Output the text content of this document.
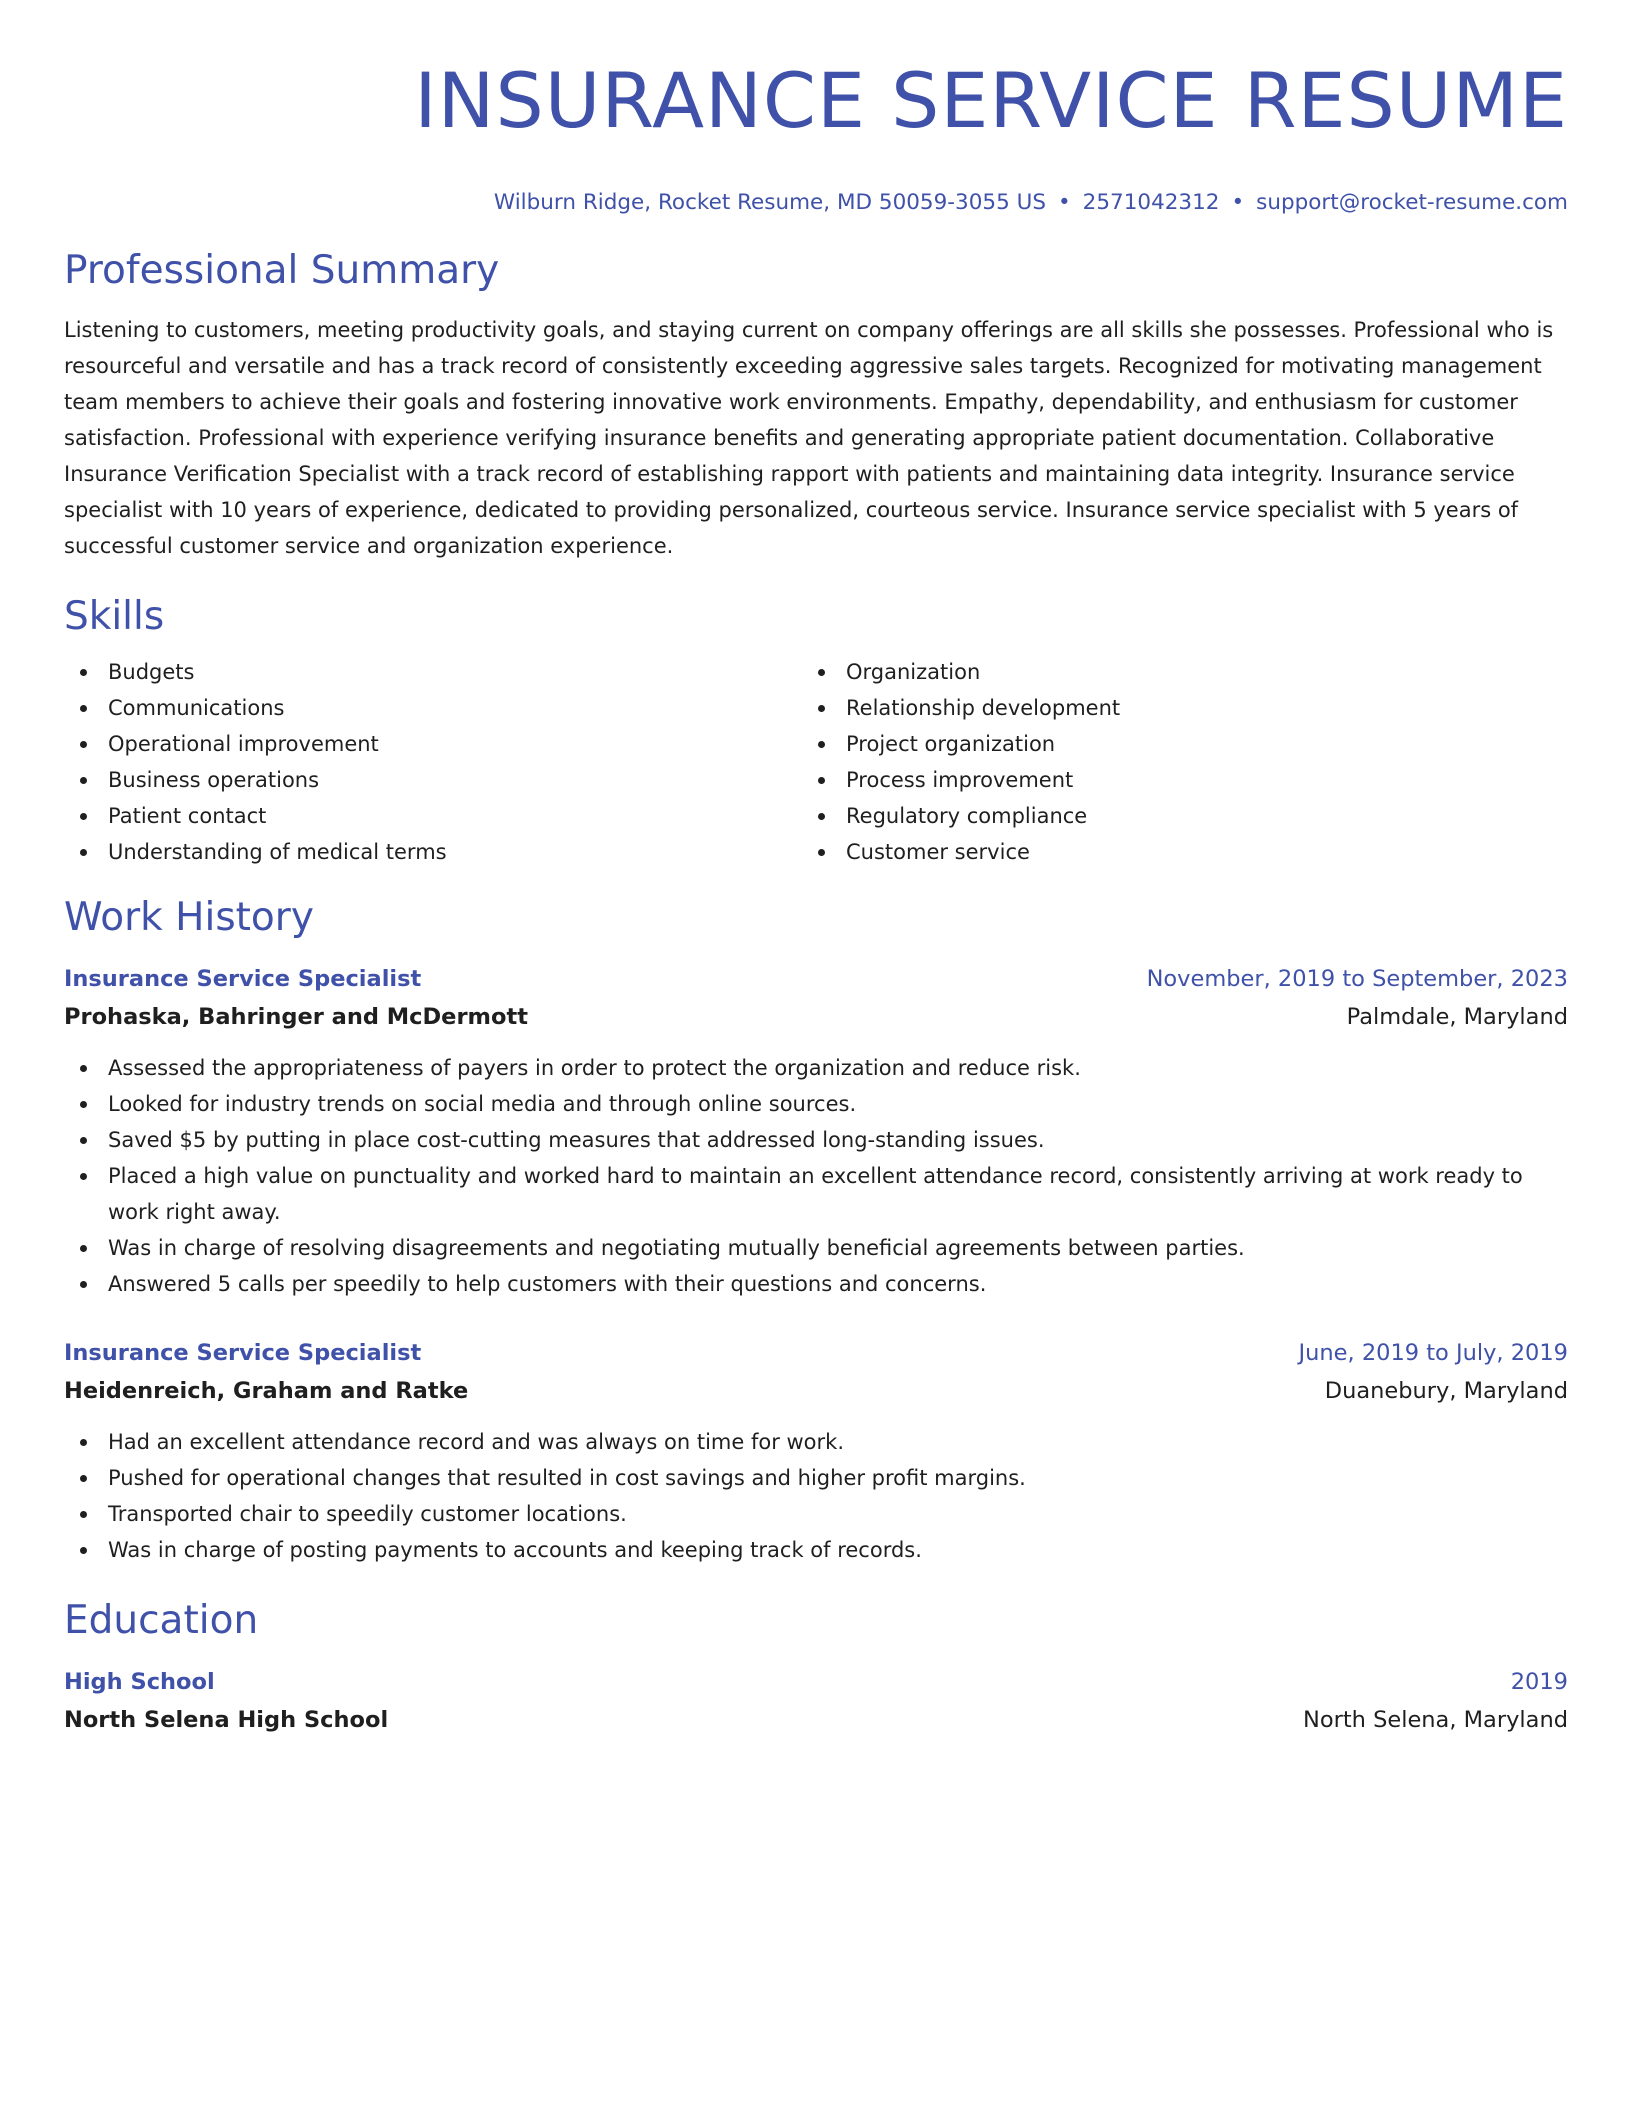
INSURANCE SERVICE RESUME
Wilburn Ridge, Rocket Resume, MD 50059-3055 US • 2571042312 • support@rocket-resume.com
Professional Summary
Listening to customers, meeting productivity goals, and staying current on company offerings are all skills she possesses. Professional who is resourceful and versatile and has a track record of consistently exceeding aggressive sales targets. Recognized for motivating management team members to achieve their goals and fostering innovative work environments. Empathy, dependability, and enthusiasm for customer satisfaction. Professional with experience verifying insurance benefits and generating appropriate patient documentation. Collaborative Insurance Verification Specialist with a track record of establishing rapport with patients and maintaining data integrity. Insurance service specialist with 10 years of experience, dedicated to providing personalized, courteous service. Insurance service specialist with 5 years of successful customer service and organization experience.
Skills
Budgets
Communications
Operational improvement
Business operations
Patient contact
Understanding of medical terms
Organization
Relationship development
Project organization
Process improvement
Regulatory compliance
Customer service
Work History
Insurance Service Specialist	November, 2019 to September, 2023
Prohaska, Bahringer and McDermott	Palmdale, Maryland
Assessed the appropriateness of payers in order to protect the organization and reduce risk.
Looked for industry trends on social media and through online sources.
Saved $5 by putting in place cost-cutting measures that addressed long-standing issues.
Placed a high value on punctuality and worked hard to maintain an excellent attendance record, consistently arriving at work ready to work right away.
Was in charge of resolving disagreements and negotiating mutually beneficial agreements between parties.
Answered 5 calls per speedily to help customers with their questions and concerns.
Insurance Service Specialist	June, 2019 to July, 2019
Heidenreich, Graham and Ratke	Duanebury, Maryland
Had an excellent attendance record and was always on time for work.
Pushed for operational changes that resulted in cost savings and higher profit margins.
Transported chair to speedily customer locations.
Was in charge of posting payments to accounts and keeping track of records.
Education
High School	2019
North Selena High School	North Selena, Maryland
